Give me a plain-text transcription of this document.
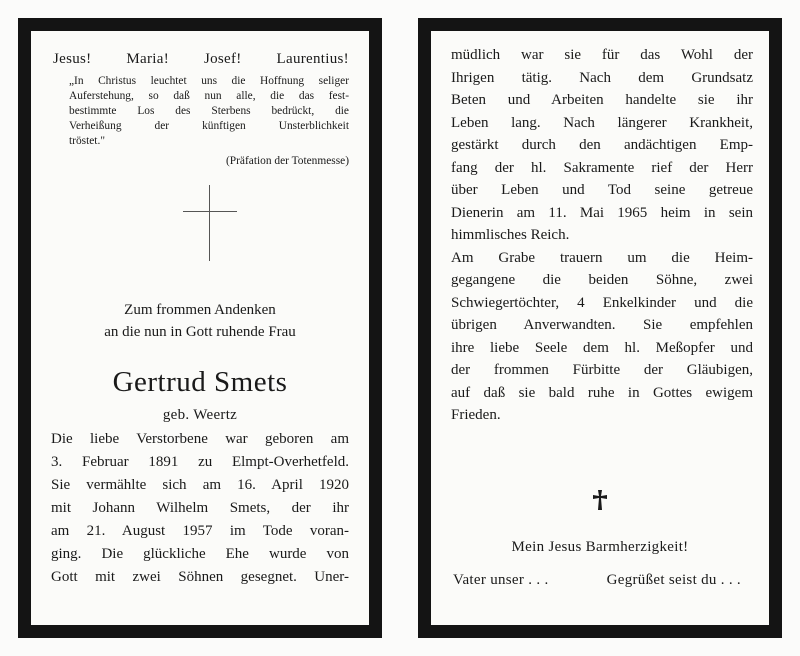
Jesus! Maria! Josef! Laurentius!
„In Christus leuchtet uns die Hoffnung seliger
Auferstehung, so daß nun alle, die das fest-
bestimmte Los des Sterbens bedrückt, die
Verheißung der künftigen Unsterblichkeit
tröstet."
(Präfation der Totenmesse)
Zum frommen Andenken
an die nun in Gott ruhende Frau
Gertrud Smets
geb. Weertz
Die liebe Verstorbene war geboren am
3. Februar 1891 zu Elmpt-Overhetfeld.
Sie vermählte sich am 16. April 1920
mit Johann Wilhelm Smets, der ihr
am 21. August 1957 im Tode voran-
ging. Die glückliche Ehe wurde von
Gott mit zwei Söhnen gesegnet. Uner-
müdlich war sie für das Wohl der
Ihrigen tätig. Nach dem Grundsatz
Beten und Arbeiten handelte sie ihr
Leben lang. Nach längerer Krankheit,
gestärkt durch den andächtigen Emp-
fang der hl. Sakramente rief der Herr
über Leben und Tod seine getreue
Dienerin am 11. Mai 1965 heim in sein
himmlisches Reich.
Am Grabe trauern um die Heim-
gegangene die beiden Söhne, zwei
Schwiegertöchter, 4 Enkelkinder und die
übrigen Anverwandten. Sie empfehlen
ihre liebe Seele dem hl. Meßopfer und
der frommen Fürbitte der Gläubigen,
auf daß sie bald ruhe in Gottes ewigem
Frieden.
Mein Jesus Barmherzigkeit!
Vater unser . . .	Gegrüßet seist du . . .
